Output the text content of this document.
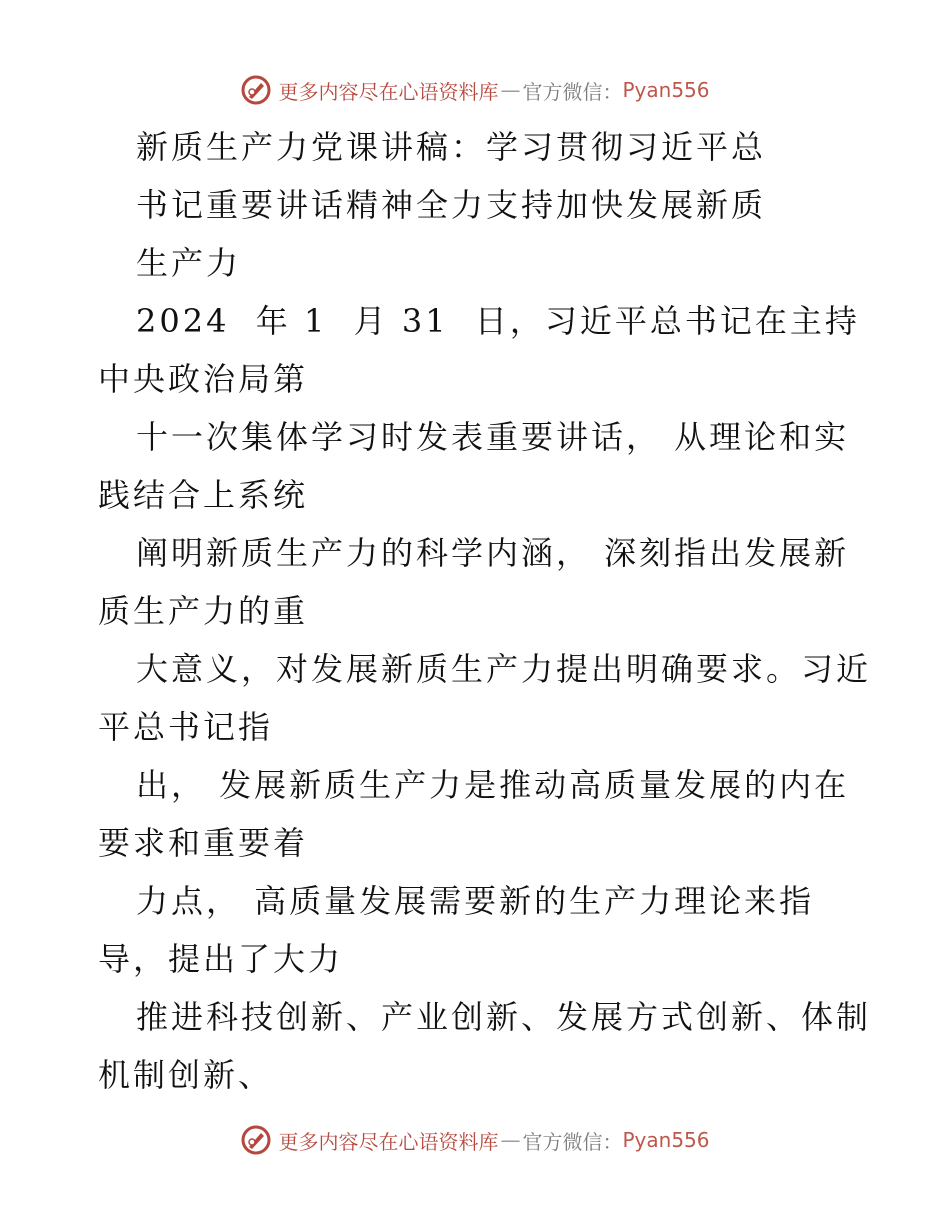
更多内容尽在心语资料库 — 官方微信： Pyan556
新质生产力党课讲稿：学习贯彻习近平总
书记重要讲话精神全力支持加快发展新质
生产力
2024  年 1  月 31  日，习近平总书记在主持
中央政治局第
十一次集体学习时发表重要讲话， 从理论和实
践结合上系统
阐明新质生产力的科学内涵， 深刻指出发展新
质生产力的重
大意义，对发展新质生产力提出明确要求。习近
平总书记指
出， 发展新质生产力是推动高质量发展的内在
要求和重要着
力点， 高质量发展需要新的生产力理论来指
导，提出了大力
推进科技创新、产业创新、发展方式创新、体制
机制创新、
更多内容尽在心语资料库 — 官方微信： Pyan556
